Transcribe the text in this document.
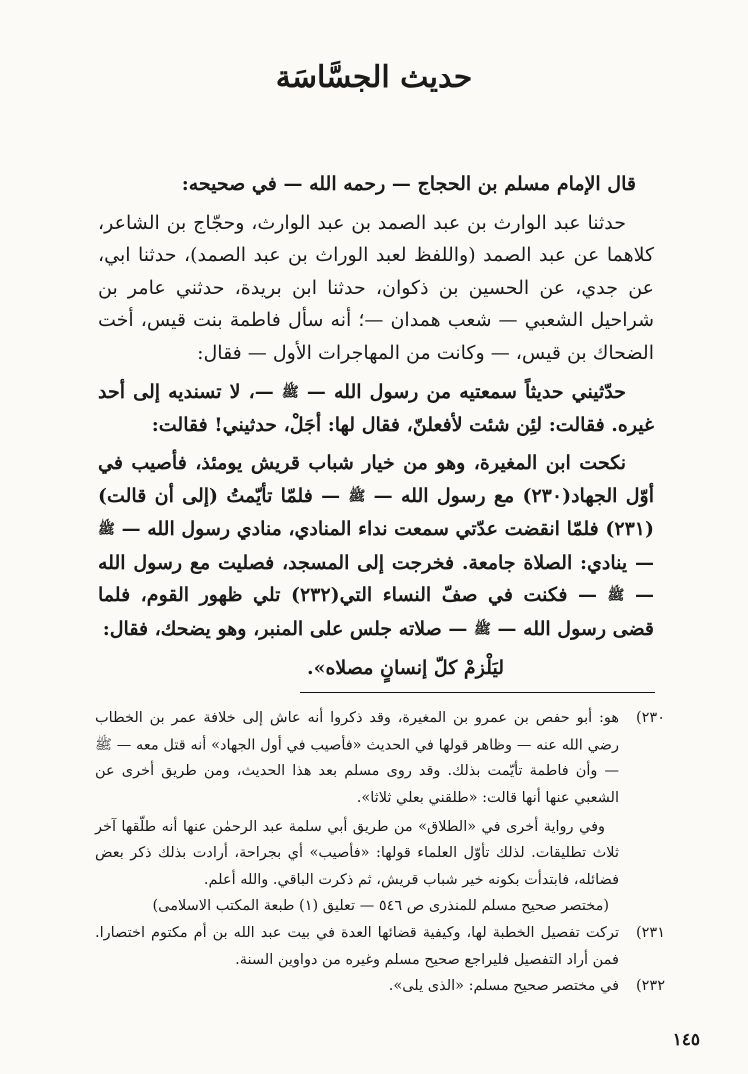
حديث الجسَّاسَة

قال الإمام مسلم بن الحجاج — رحمه الله — في صحيحه:

حدثنا عبد الوارث بن عبد الصمد بن عبد الوارث، وحجّاج بن الشاعر، كلاهما عن عبد الصمد (واللفظ لعبد الوراث بن عبد الصمد)، حدثنا ابي، عن جدي، عن الحسين بن ذكوان، حدثنا ابن بريدة، حدثني عامر بن شراحيل الشعبي — شعب همدان —؛ أنه سأل فاطمة بنت قيس، أخت الضحاك بن قيس، — وكانت من المهاجرات الأول — فقال:

حدّثيني حديثاً سمعتيه من رسول الله — ﷺ —، لا تسنديه إلى أحد غيره. فقالت: لئِن شئت لأفعلنّ، فقال لها: أجَلْ، حدثيني! فقالت:

نكحت ابن المغيرة، وهو من خيار شباب قريش يومئذ، فأصيب في أوّل الجهاد(٢٣٠) مع رسول الله — ﷺ — فلمّا تأيّمتُ (إلى أن قالت)(٢٣١) فلمّا انقضت عدّتي سمعت نداء المنادي، منادي رسول الله — ﷺ — ينادي: الصلاة جامعة. فخرجت إلى المسجد، فصليت مع رسول الله — ﷺ — فكنت في صفّ النساء التي(٢٣٢) تلي ظهور القوم، فلما قضى رسول الله — ﷺ — صلاته جلس على المنبر، وهو يضحك، فقال:

ليَلْزمْ كلّ إنسانٍ مصلاه».

٢٣٠)

هو: أبو حفص بن عمرو بن المغيرة، وقد ذكروا أنه عاش إلى خلافة عمر بن الخطاب رضي الله عنه — وظاهر قولها في الحديث «فأصيب في أول الجهاد» أنه قتل معه — ﷺ — وأن فاطمة تأيّمت بذلك. وقد روى مسلم بعد هذا الحديث، ومن طريق أخرى عن الشعبي عنها أنها قالت: «طلقني بعلي ثلاثا».

وفي رواية أخرى في «الطلاق» من طريق أبي سلمة عبد الرحمٰن عنها أنه طلّقها آخر ثلاث تطليقات. لذلك تأوّل العلماء قولها: «فأصيب» أي بجراحة، أرادت بذلك ذكر بعض فضائله، فابتدأت بكونه خير شباب قريش، ثم ذكرت الباقي. والله أعلم.

(مختصر صحيح مسلم للمنذرى ص ٥٤٦ — تعليق (١) طبعة المكتب الاسلامى)

٢٣١)

تركت تفصيل الخطبة لها، وكيفية قضائها العدة في بيت عبد الله بن أم مكتوم اختصارا. فمن أراد التفصيل فليراجع صحيح مسلم وغيره من دواوين السنة.

٢٣٢)

في مختصر صحيح مسلم: «الذى يلى».

١٤٥
